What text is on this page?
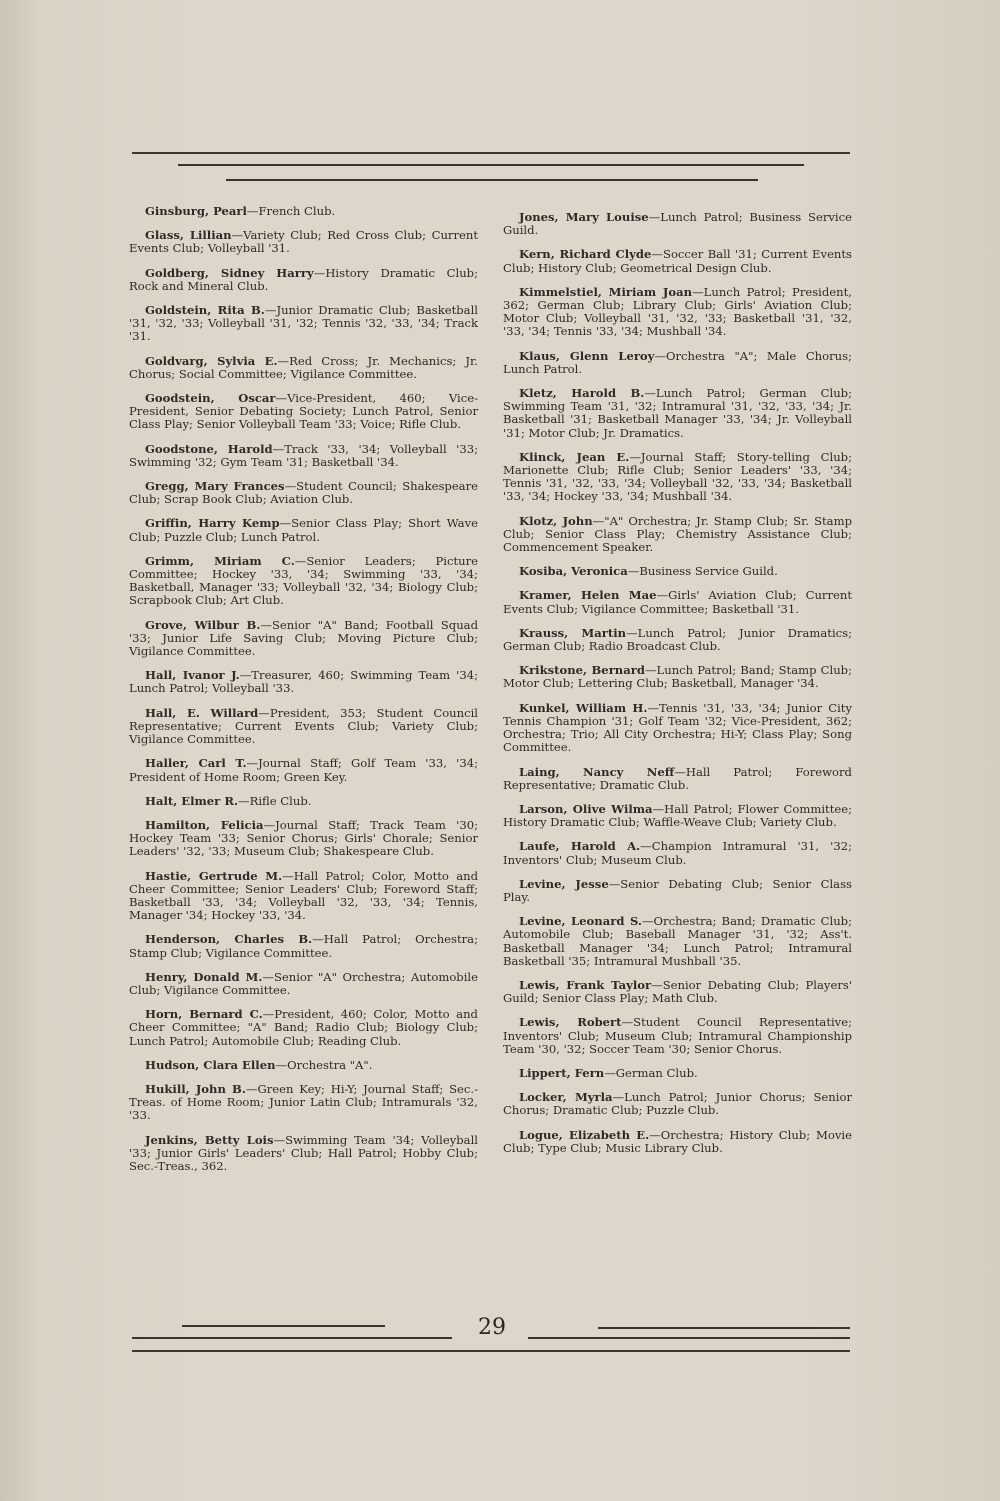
Ginsburg, Pearl—French Club.

Glass, Lillian—Variety Club; Red Cross Club; Current Events Club; Volleyball '31.

Goldberg, Sidney Harry—History Dramatic Club; Rock and Mineral Club.

Goldstein, Rita B.—Junior Dramatic Club; Basketball '31, '32, '33; Volleyball '31, '32; Tennis '32, '33, '34; Track '31.

Goldvarg, Sylvia E.—Red Cross; Jr. Mechanics; Jr. Chorus; Social Committee; Vigilance Committee.

Goodstein, Oscar—Vice-President, 460; Vice-President, Senior Debating Society; Lunch Patrol, Senior Class Play; Senior Volleyball Team '33; Voice; Rifle Club.

Goodstone, Harold—Track '33, '34; Volleyball '33; Swimming '32; Gym Team '31; Basketball '34.

Gregg, Mary Frances—Student Council; Shakespeare Club; Scrap Book Club; Aviation Club.

Griffin, Harry Kemp—Senior Class Play; Short Wave Club; Puzzle Club; Lunch Patrol.

Grimm, Miriam C.—Senior Leaders; Picture Committee; Hockey '33, '34; Swimming '33, '34; Basketball, Manager '33; Volleyball '32, '34; Biology Club; Scrapbook Club; Art Club.

Grove, Wilbur B.—Senior "A" Band; Football Squad '33; Junior Life Saving Club; Moving Picture Club; Vigilance Committee.

Hall, Ivanor J.—Treasurer, 460; Swimming Team '34; Lunch Patrol; Volleyball '33.

Hall, E. Willard—President, 353; Student Council Representative; Current Events Club; Variety Club; Vigilance Committee.

Haller, Carl T.—Journal Staff; Golf Team '33, '34; President of Home Room; Green Key.

Halt, Elmer R.—Rifle Club.

Hamilton, Felicia—Journal Staff; Track Team '30; Hockey Team '33; Senior Chorus; Girls' Chorale; Senior Leaders' '32, '33; Museum Club; Shakespeare Club.

Hastie, Gertrude M.—Hall Patrol; Color, Motto and Cheer Committee; Senior Leaders' Club; Foreword Staff; Basketball '33, '34; Volleyball '32, '33, '34; Tennis, Manager '34; Hockey '33, '34.

Henderson, Charles B.—Hall Patrol; Orchestra; Stamp Club; Vigilance Committee.

Henry, Donald M.—Senior "A" Orchestra; Automobile Club; Vigilance Committee.

Horn, Bernard C.—President, 460; Color, Motto and Cheer Committee; "A" Band; Radio Club; Biology Club; Lunch Patrol; Automobile Club; Reading Club.

Hudson, Clara Ellen—Orchestra "A".

Hukill, John B.—Green Key; Hi-Y; Journal Staff; Sec.-Treas. of Home Room; Junior Latin Club; Intramurals '32, '33.

Jenkins, Betty Lois—Swimming Team '34; Volleyball '33; Junior Girls' Leaders' Club; Hall Patrol; Hobby Club; Sec.-Treas., 362.

Jones, Mary Louise—Lunch Patrol; Business Service Guild.

Kern, Richard Clyde—Soccer Ball '31; Current Events Club; History Club; Geometrical Design Club.

Kimmelstiel, Miriam Joan—Lunch Patrol; President, 362; German Club; Library Club; Girls' Aviation Club; Motor Club; Volleyball '31, '32, '33; Basketball '31, '32, '33, '34; Tennis '33, '34; Mushball '34.

Klaus, Glenn Leroy—Orchestra "A"; Male Chorus; Lunch Patrol.

Kletz, Harold B.—Lunch Patrol; German Club; Swimming Team '31, '32; Intramural '31, '32, '33, '34; Jr. Basketball '31; Basketball Manager '33, '34; Jr. Volleyball '31; Motor Club; Jr. Dramatics.

Klinck, Jean E.—Journal Staff; Story-telling Club; Marionette Club; Rifle Club; Senior Leaders' '33, '34; Tennis '31, '32, '33, '34; Volleyball '32, '33, '34; Basketball '33, '34; Hockey '33, '34; Mushball '34.

Klotz, John—"A" Orchestra; Jr. Stamp Club; Sr. Stamp Club; Senior Class Play; Chemistry Assistance Club; Commencement Speaker.

Kosiba, Veronica—Business Service Guild.

Kramer, Helen Mae—Girls' Aviation Club; Current Events Club; Vigilance Committee; Basketball '31.

Krauss, Martin—Lunch Patrol; Junior Dramatics; German Club; Radio Broadcast Club.

Krikstone, Bernard—Lunch Patrol; Band; Stamp Club; Motor Club; Lettering Club; Basketball, Manager '34.

Kunkel, William H.—Tennis '31, '33, '34; Junior City Tennis Champion '31; Golf Team '32; Vice-President, 362; Orchestra; Trio; All City Orchestra; Hi-Y; Class Play; Song Committee.

Laing, Nancy Neff—Hall Patrol; Foreword Representative; Dramatic Club.

Larson, Olive Wilma—Hall Patrol; Flower Committee; History Dramatic Club; Waffle-Weave Club; Variety Club.

Laufe, Harold A.—Champion Intramural '31, '32; Inventors' Club; Museum Club.

Levine, Jesse—Senior Debating Club; Senior Class Play.

Levine, Leonard S.—Orchestra; Band; Dramatic Club; Automobile Club; Baseball Manager '31, '32; Ass't. Basketball Manager '34; Lunch Patrol; Intramural Basketball '35; Intramural Mushball '35.

Lewis, Frank Taylor—Senior Debating Club; Players' Guild; Senior Class Play; Math Club.

Lewis, Robert—Student Council Representative; Inventors' Club; Museum Club; Intramural Championship Team '30, '32; Soccer Team '30; Senior Chorus.

Lippert, Fern—German Club.

Locker, Myrla—Lunch Patrol; Junior Chorus; Senior Chorus; Dramatic Club; Puzzle Club.

Logue, Elizabeth E.—Orchestra; History Club; Movie Club; Type Club; Music Library Club.

29
